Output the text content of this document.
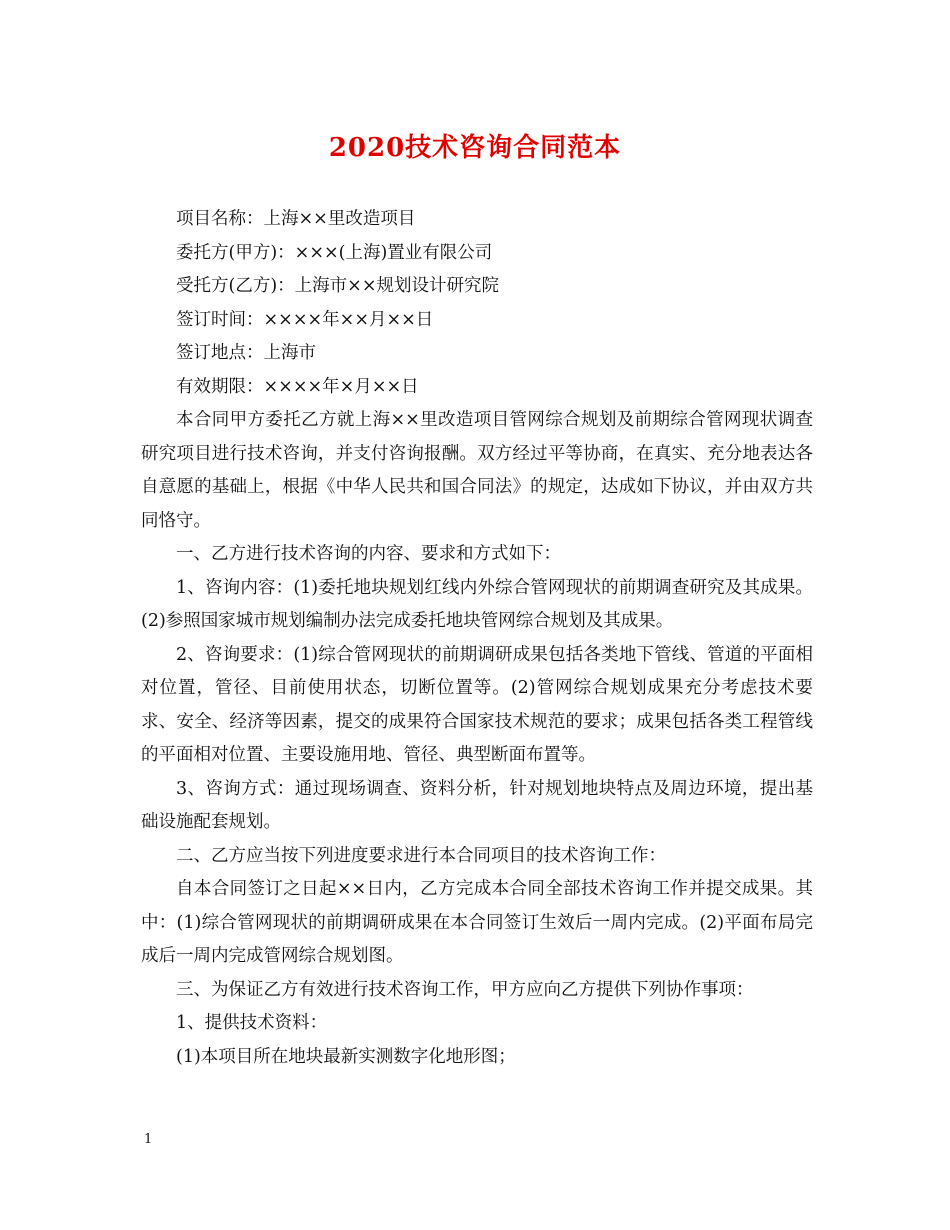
2020技术咨询合同范本

项目名称：上海××里改造项目

委托方(甲方)：×××(上海)置业有限公司

受托方(乙方)：上海市××规划设计研究院

签订时间：××××年××月××日

签订地点：上海市

有效期限：××××年×月××日

本合同甲方委托乙方就上海××里改造项目管网综合规划及前期综合管网现状调查研究项目进行技术咨询，并支付咨询报酬。双方经过平等协商，在真实、充分地表达各自意愿的基础上，根据《中华人民共和国合同法》的规定，达成如下协议，并由双方共同恪守。

一、乙方进行技术咨询的内容、要求和方式如下：

1、咨询内容：(1)委托地块规划红线内外综合管网现状的前期调查研究及其成果。(2)参照国家城市规划编制办法完成委托地块管网综合规划及其成果。

2、咨询要求：(1)综合管网现状的前期调研成果包括各类地下管线、管道的平面相对位置，管径、目前使用状态，切断位置等。(2)管网综合规划成果充分考虑技术要求、安全、经济等因素，提交的成果符合国家技术规范的要求；成果包括各类工程管线的平面相对位置、主要设施用地、管径、典型断面布置等。

3、咨询方式：通过现场调查、资料分析，针对规划地块特点及周边环境，提出基础设施配套规划。

二、乙方应当按下列进度要求进行本合同项目的技术咨询工作：

自本合同签订之日起××日内，乙方完成本合同全部技术咨询工作并提交成果。其中：(1)综合管网现状的前期调研成果在本合同签订生效后一周内完成。(2)平面布局完成后一周内完成管网综合规划图。

三、为保证乙方有效进行技术咨询工作，甲方应向乙方提供下列协作事项：

1、提供技术资料：

(1)本项目所在地块最新实测数字化地形图；

1
